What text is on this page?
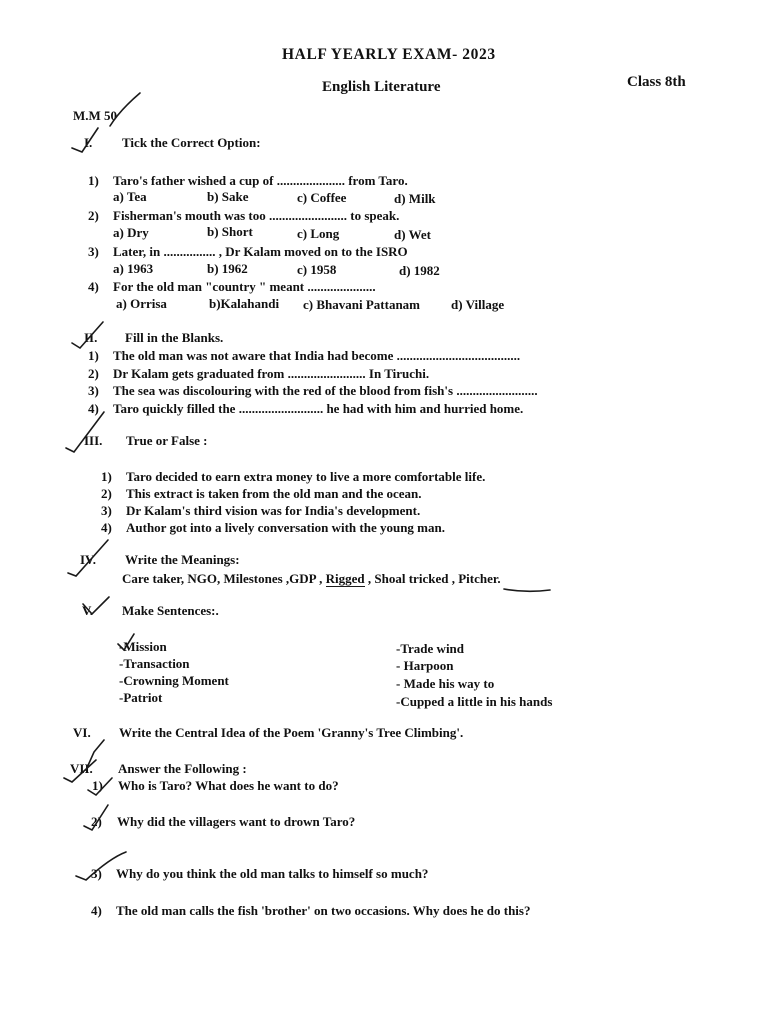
HALF YEARLY EXAM- 2023
English Literature	Class 8th
M.M 50
I. Tick the Correct Option:
1) Taro's father wished a cup of ..................... from Taro.
a) Tea	b) Sake	c) Coffee	d) Milk
2) Fisherman's mouth was too ........................ to speak.
a) Dry	b) Short	c) Long	d) Wet
3) Later, in ................ , Dr Kalam moved on to the ISRO
a) 1963	b) 1962	c) 1958	d) 1982
4) For the old man "country " meant .....................
a) Orrisa	b)Kalahandi c) Bhavani Pattanam d) Village
II. Fill in the Blanks.
1) The old man was not aware that India had become ......................................
2) Dr Kalam gets graduated from ........................ In Tiruchi.
3) The sea was discolouring with the red of the blood from fish's .........................
4) Taro quickly filled the .......................... he had with him and hurried home.
III. True or False :
1) Taro decided to earn extra money to live a more comfortable life.
2) This extract is taken from the old man and the ocean.
3) Dr Kalam's third vision was for India's development.
4) Author got into a lively conversation with the young man.
IV. Write the Meanings:
Care taker, NGO, Milestones ,GDP , Rigged , Shoal tricked , Pitcher.
V. Make Sentences:.
-Mission
-Transaction
-Crowning Moment
-Patriot
-Trade wind
- Harpoon
- Made his way to
-Cupped a little in his hands
VI. Write the Central Idea of the Poem 'Granny's Tree Climbing'.
VII. Answer the Following :
1) Who is Taro? What does he want to do?
2) Why did the villagers want to drown Taro?
3) Why do you think the old man talks to himself so much?
4) The old man calls the fish 'brother' on two occasions. Why does he do this?
